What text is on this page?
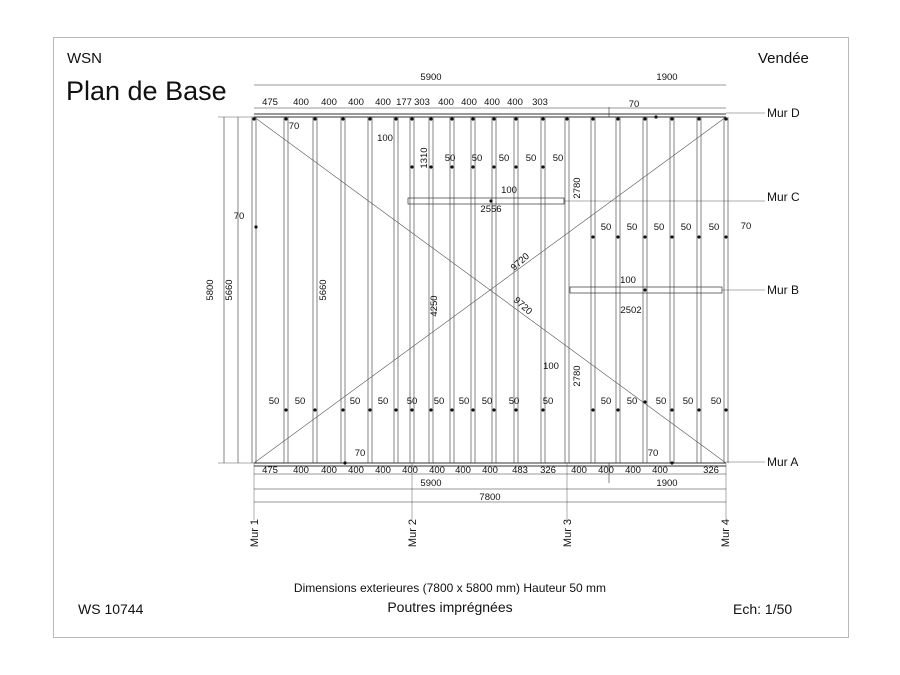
WSN
Plan de Base
Vendée
5900	1900
475 400 400 400 400 177 303 400 400 400 400 303
475 400 400 400 400 400 400 400 400 483 326 400 400 400 400	326
5900	1900
7800
5800 5660	5660
4250
1310
2780
2780
9720
9720
2556
2502
100
100
100
100
70
70
70
70
70	70
50 50	50 50 50 50 50 50 50 50	50 50 50 50 50
50 50 50 50 50
50 50 50 50 50
Mur D
Mur C
Mur B
Mur A
Mur 1	Mur 2	Mur 3	Mur 4
Dimensions exterieures (7800 x 5800 mm) Hauteur 50 mm
Poutres imprégnées
WS 10744	Ech: 1/50
